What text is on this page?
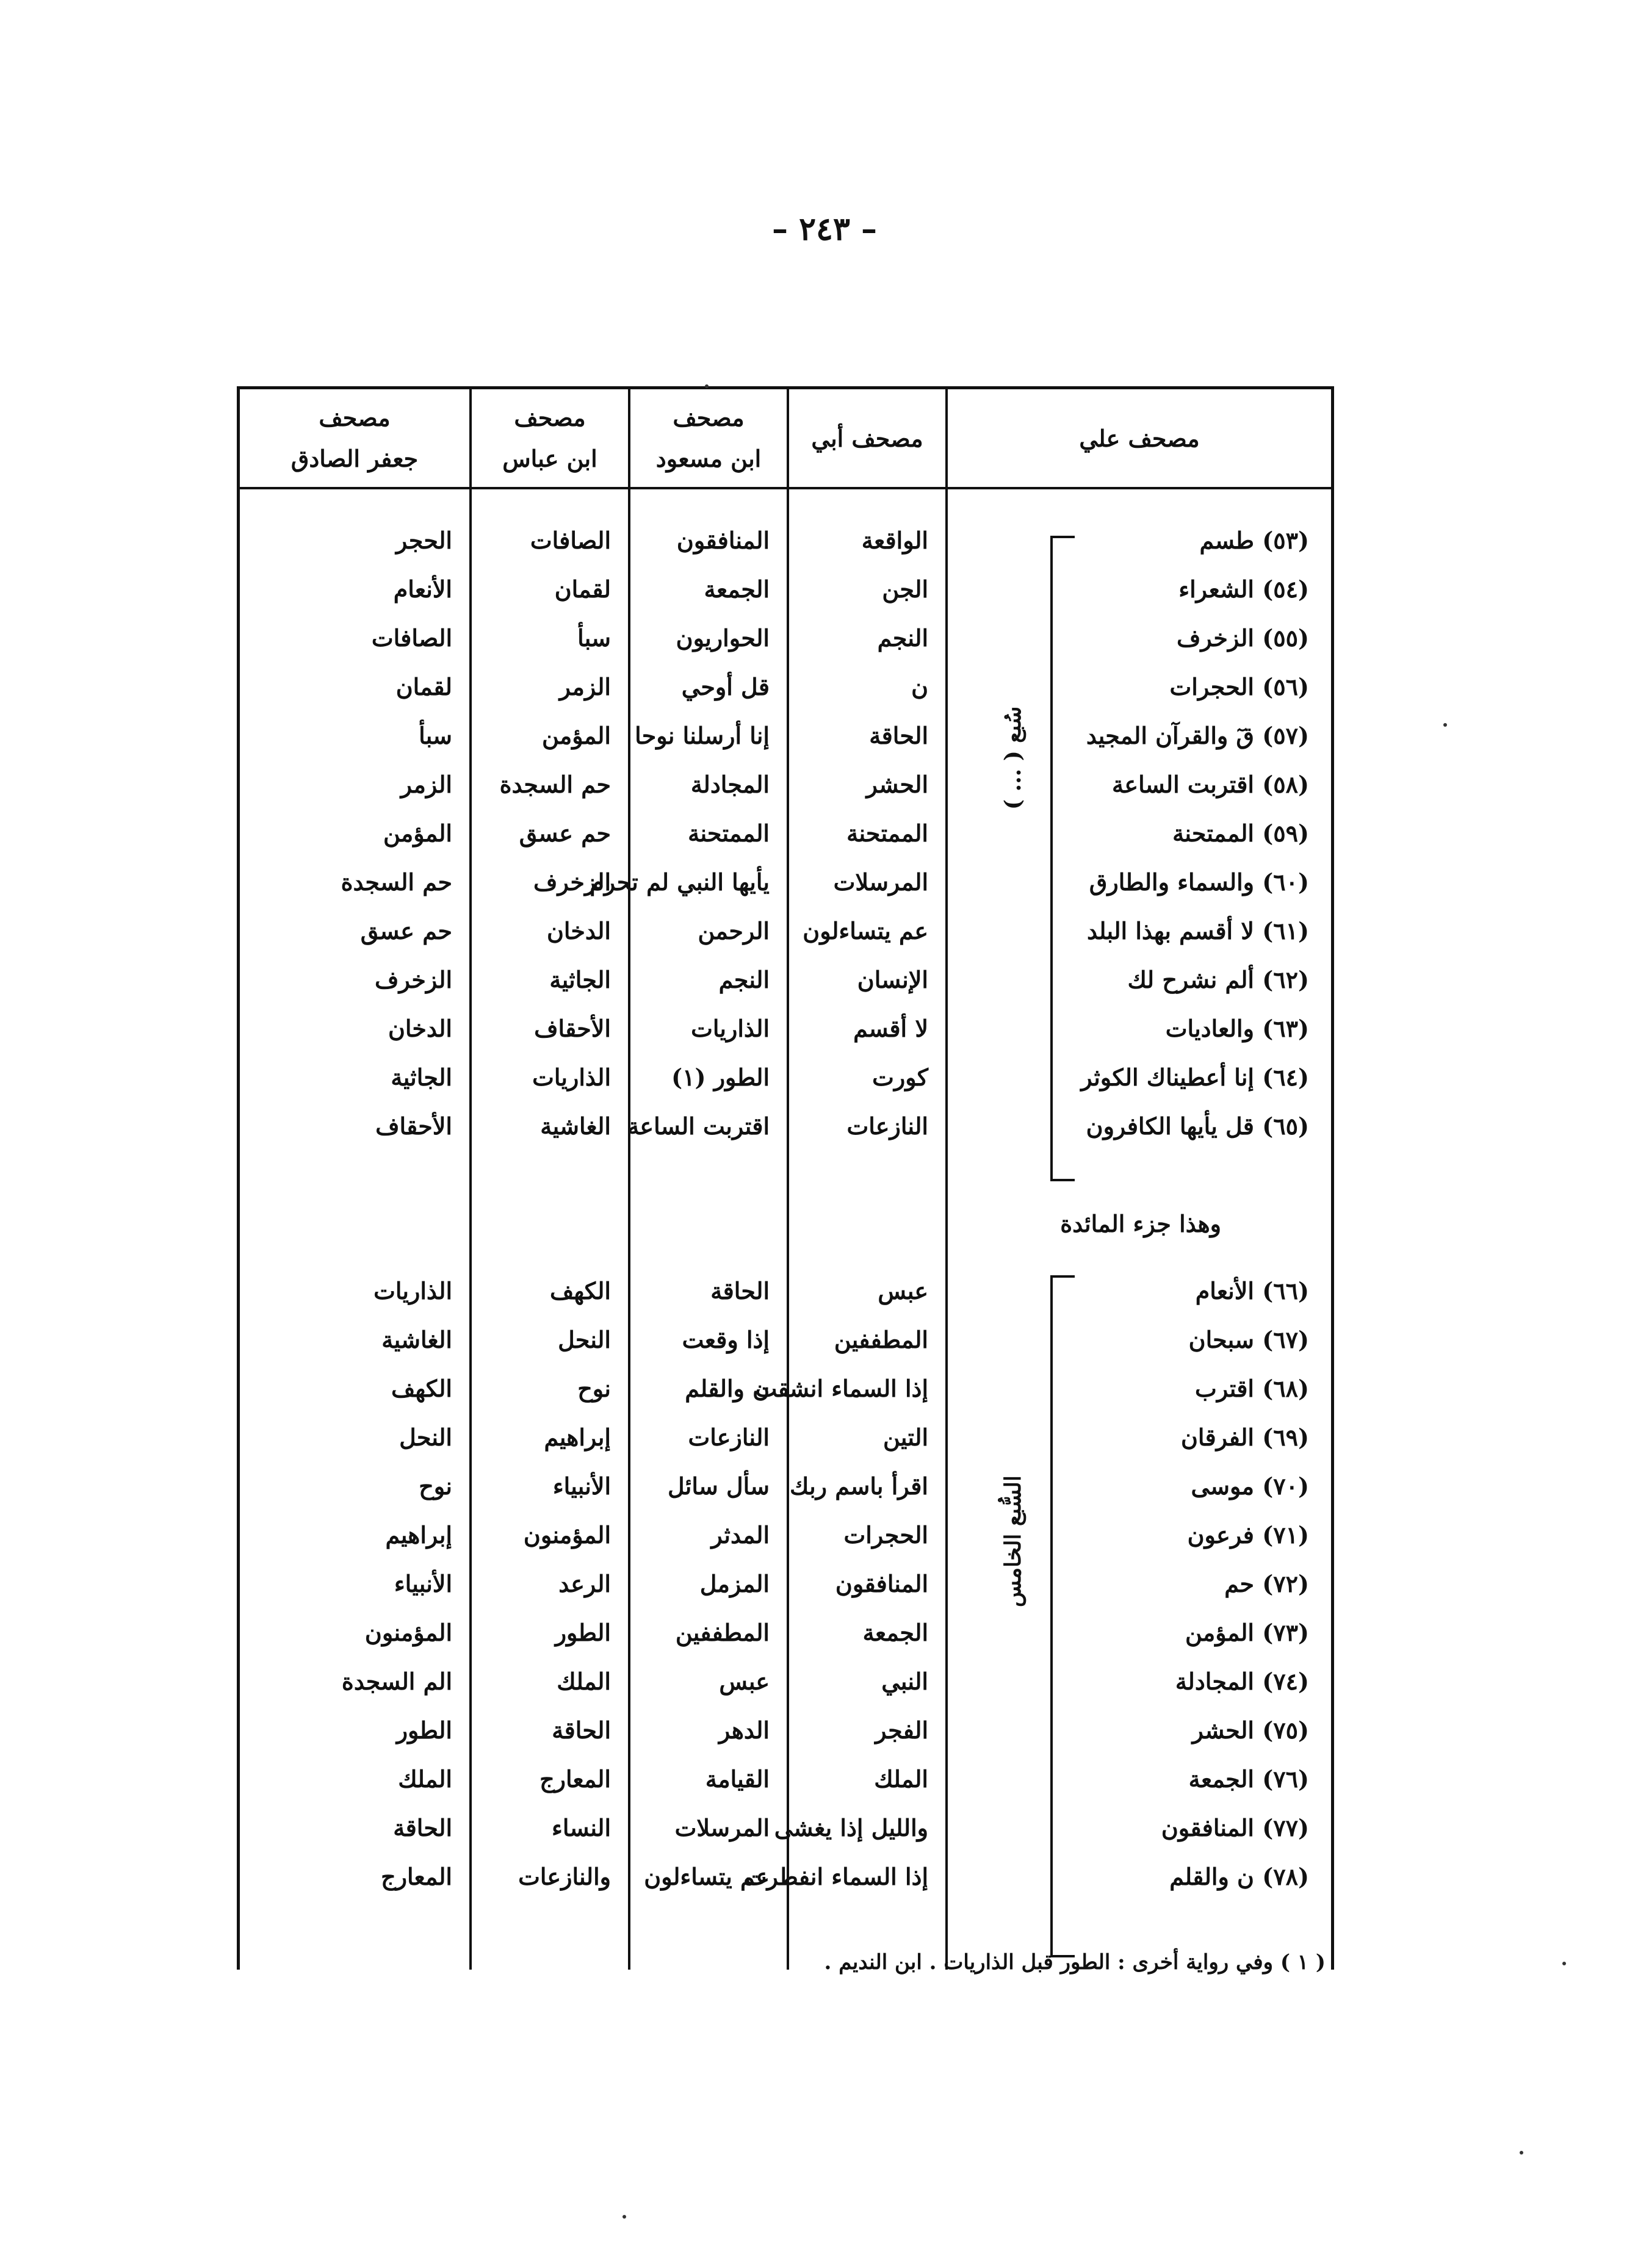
– ٢٤٣ –
مصحف علي
مصحف أبي
مصحف
ابن مسعود
مصحف
ابن عباس
مصحف
جعفر الصادق
سُبع ( ... )
السُّبع الخامس
وهذا جزء المائدة
(٥٣) طسم
(٥٤) الشعراء
(٥٥) الزخرف
(٥٦) الحجرات
(٥٧) قٓ والقرآن المجيد
(٥٨) اقتربت الساعة
(٥٩) الممتحنة
(٦٠) والسماء والطارق
(٦١) لا أقسم بهذا البلد
(٦٢) ألم نشرح لك
(٦٣) والعاديات
(٦٤) إنا أعطيناك الكوثر
(٦٥) قل يأيها الكافرون
الواقعة
الجن
النجم
ن
الحاقة
الحشر
الممتحنة
المرسلات
عم يتساءلون
الإنسان
لا أقسم
كورت
النازعات
المنافقون
الجمعة
الحواريون
قل أوحي
إنا أرسلنا نوحا
المجادلة
الممتحنة
يأيها النبي لم تحرم
الرحمن
النجم
الذاريات
الطور (١)
اقتربت الساعة
الصافات
لقمان
سبأ
الزمر
المؤمن
حم السجدة
حم عسق
الزخرف
الدخان
الجاثية
الأحقاف
الذاريات
الغاشية
الحجر
الأنعام
الصافات
لقمان
سبأ
الزمر
المؤمن
حم السجدة
حم عسق
الزخرف
الدخان
الجاثية
الأحقاف
(٦٦) الأنعام
(٦٧) سبحان
(٦٨) اقترب
(٦٩) الفرقان
(٧٠) موسى
(٧١) فرعون
(٧٢) حم
(٧٣) المؤمن
(٧٤) المجادلة
(٧٥) الحشر
(٧٦) الجمعة
(٧٧) المنافقون
(٧٨) ن والقلم
عبس
المطففين
إذا السماء انشقت
التين
اقرأ باسم ربك
الحجرات
المنافقون
الجمعة
النبي
الفجر
الملك
والليل إذا يغشى
إذا السماء انفطرت
الحاقة
إذا وقعت
ن والقلم
النازعات
سأل سائل
المدثر
المزمل
المطففين
عبس
الدهر
القيامة
المرسلات
عم يتساءلون
الكهف
النحل
نوح
إبراهيم
الأنبياء
المؤمنون
الرعد
الطور
الملك
الحاقة
المعارج
النساء
والنازعات
الذاريات
الغاشية
الكهف
النحل
نوح
إبراهيم
الأنبياء
المؤمنون
الم السجدة
الطور
الملك
الحاقة
المعارج
( ١ ) وفي رواية أخرى : الطور قبل الذاريات . ابن النديم .
